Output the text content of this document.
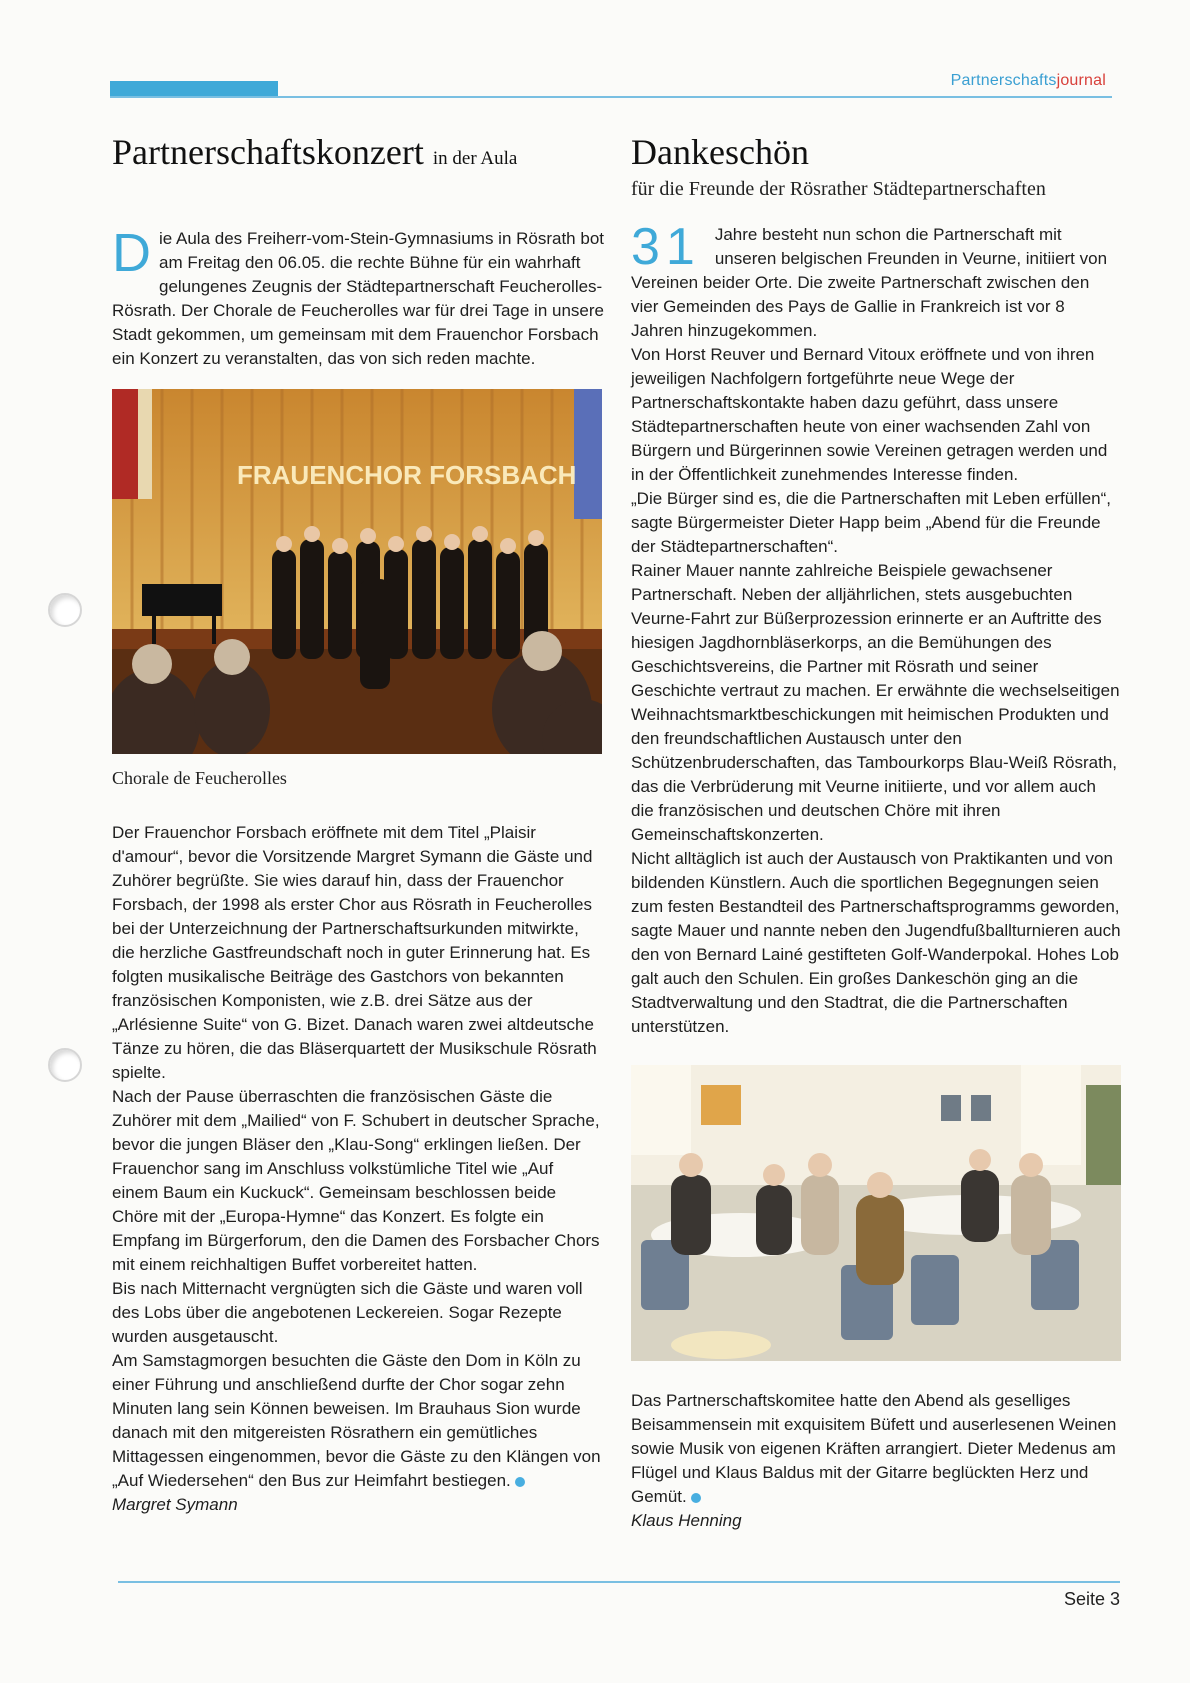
Partnerschaftsjournal
Partnerschaftskonzert in der Aula
Die Aula des Freiherr-vom-Stein-Gymnasiums in Rösrath bot am Freitag den 06.05. die rechte Bühne für ein wahrhaft gelungenes Zeugnis der Städtepartnerschaft Feucherolles-Rösrath. Der Chorale de Feucherolles war für drei Tage in unsere Stadt gekommen, um gemeinsam mit dem Frauenchor Forsbach ein Konzert zu veranstalten, das von sich reden machte.
FRAUENCHOR FORSBACH
Chorale de Feucherolles

Der Frauenchor Forsbach eröffnete mit dem Titel „Plaisir d'amour“, bevor die Vorsitzende Margret Symann die Gäste und Zuhörer begrüßte. Sie wies darauf hin, dass der Frauenchor Forsbach, der 1998 als erster Chor aus Rösrath in Feucherolles bei der Unterzeichnung der Partnerschaftsurkunden mitwirkte, die herzliche Gastfreundschaft noch in guter Erinnerung hat. Es folgten musikalische Beiträge des Gastchors von bekannten französischen Komponisten, wie z.B. drei Sätze aus der „Arlésienne Suite“ von G. Bizet. Danach waren zwei altdeutsche Tänze zu hören, die das Bläserquartett der Musikschule Rösrath spielte.

Nach der Pause überraschten die französischen Gäste die Zuhörer mit dem „Mailied“ von F. Schubert in deutscher Sprache, bevor die jungen Bläser den „Klau-Song“ erklingen ließen. Der Frauenchor sang im Anschluss volkstümliche Titel wie „Auf einem Baum ein Kuckuck“. Gemeinsam beschlossen beide Chöre mit der „Europa-Hymne“ das Konzert. Es folgte ein Empfang im Bürgerforum, den die Damen des Forsbacher Chors mit einem reichhaltigen Buffet vorbereitet hatten.

Bis nach Mitternacht vergnügten sich die Gäste und waren voll des Lobs über die angebotenen Leckereien. Sogar Rezepte wurden ausgetauscht.

Am Samstagmorgen besuchten die Gäste den Dom in Köln zu einer Führung und anschließend durfte der Chor sogar zehn Minuten lang sein Können beweisen. Im Brauhaus Sion wurde danach mit den mitgereisten Rösrathern ein gemütliches Mittagessen eingenommen, bevor die Gäste zu den Klängen von „Auf Wiedersehen“ den Bus zur Heimfahrt bestiegen.

Margret Symann

Dankeschön
für die Freunde der Rösrather Städtepartnerschaften

31 Jahre besteht nun schon die Partnerschaft mit unseren belgischen Freunden in Veurne, initiiert von Vereinen beider Orte. Die zweite Partnerschaft zwischen den vier Gemeinden des Pays de Gallie in Frankreich ist vor 8 Jahren hinzugekommen.

Von Horst Reuver und Bernard Vitoux eröffnete und von ihren jeweiligen Nachfolgern fortgeführte neue Wege der Partnerschaftskontakte haben dazu geführt, dass unsere Städtepartnerschaften heute von einer wachsenden Zahl von Bürgern und Bürgerinnen sowie Vereinen getragen werden und in der Öffentlichkeit zunehmendes Interesse finden.

„Die Bürger sind es, die die Partnerschaften mit Leben erfüllen“, sagte Bürgermeister Dieter Happ beim „Abend für die Freunde der Städtepartnerschaften“.

Rainer Mauer nannte zahlreiche Beispiele gewachsener Partnerschaft. Neben der alljährlichen, stets ausgebuchten Veurne-Fahrt zur Büßerprozession erinnerte er an Auftritte des hiesigen Jagdhornbläserkorps, an die Bemühungen des Geschichtsvereins, die Partner mit Rösrath und seiner Geschichte vertraut zu machen. Er erwähnte die wechselseitigen Weihnachtsmarktbeschickungen mit heimischen Produkten und den freundschaftlichen Austausch unter den Schützenbruderschaften, das Tambourkorps Blau-Weiß Rösrath, das die Verbrüderung mit Veurne initiierte, und vor allem auch die französischen und deutschen Chöre mit ihren Gemeinschaftskonzerten.

Nicht alltäglich ist auch der Austausch von Praktikanten und von bildenden Künstlern. Auch die sportlichen Begegnungen seien zum festen Bestandteil des Partnerschaftsprogramms geworden, sagte Mauer und nannte neben den Jugendfußballturnieren auch den von Bernard Lainé gestifteten Golf-Wanderpokal. Hohes Lob galt auch den Schulen. Ein großes Dankeschön ging an die Stadtverwaltung und den Stadtrat, die die Partnerschaften unterstützen.

Das Partnerschaftskomitee hatte den Abend als geselliges Beisammensein mit exquisitem Büfett und auserlesenen Weinen sowie Musik von eigenen Kräften arrangiert. Dieter Medenus am Flügel und Klaus Baldus mit der Gitarre beglückten Herz und Gemüt.

Klaus Henning

Seite 3
